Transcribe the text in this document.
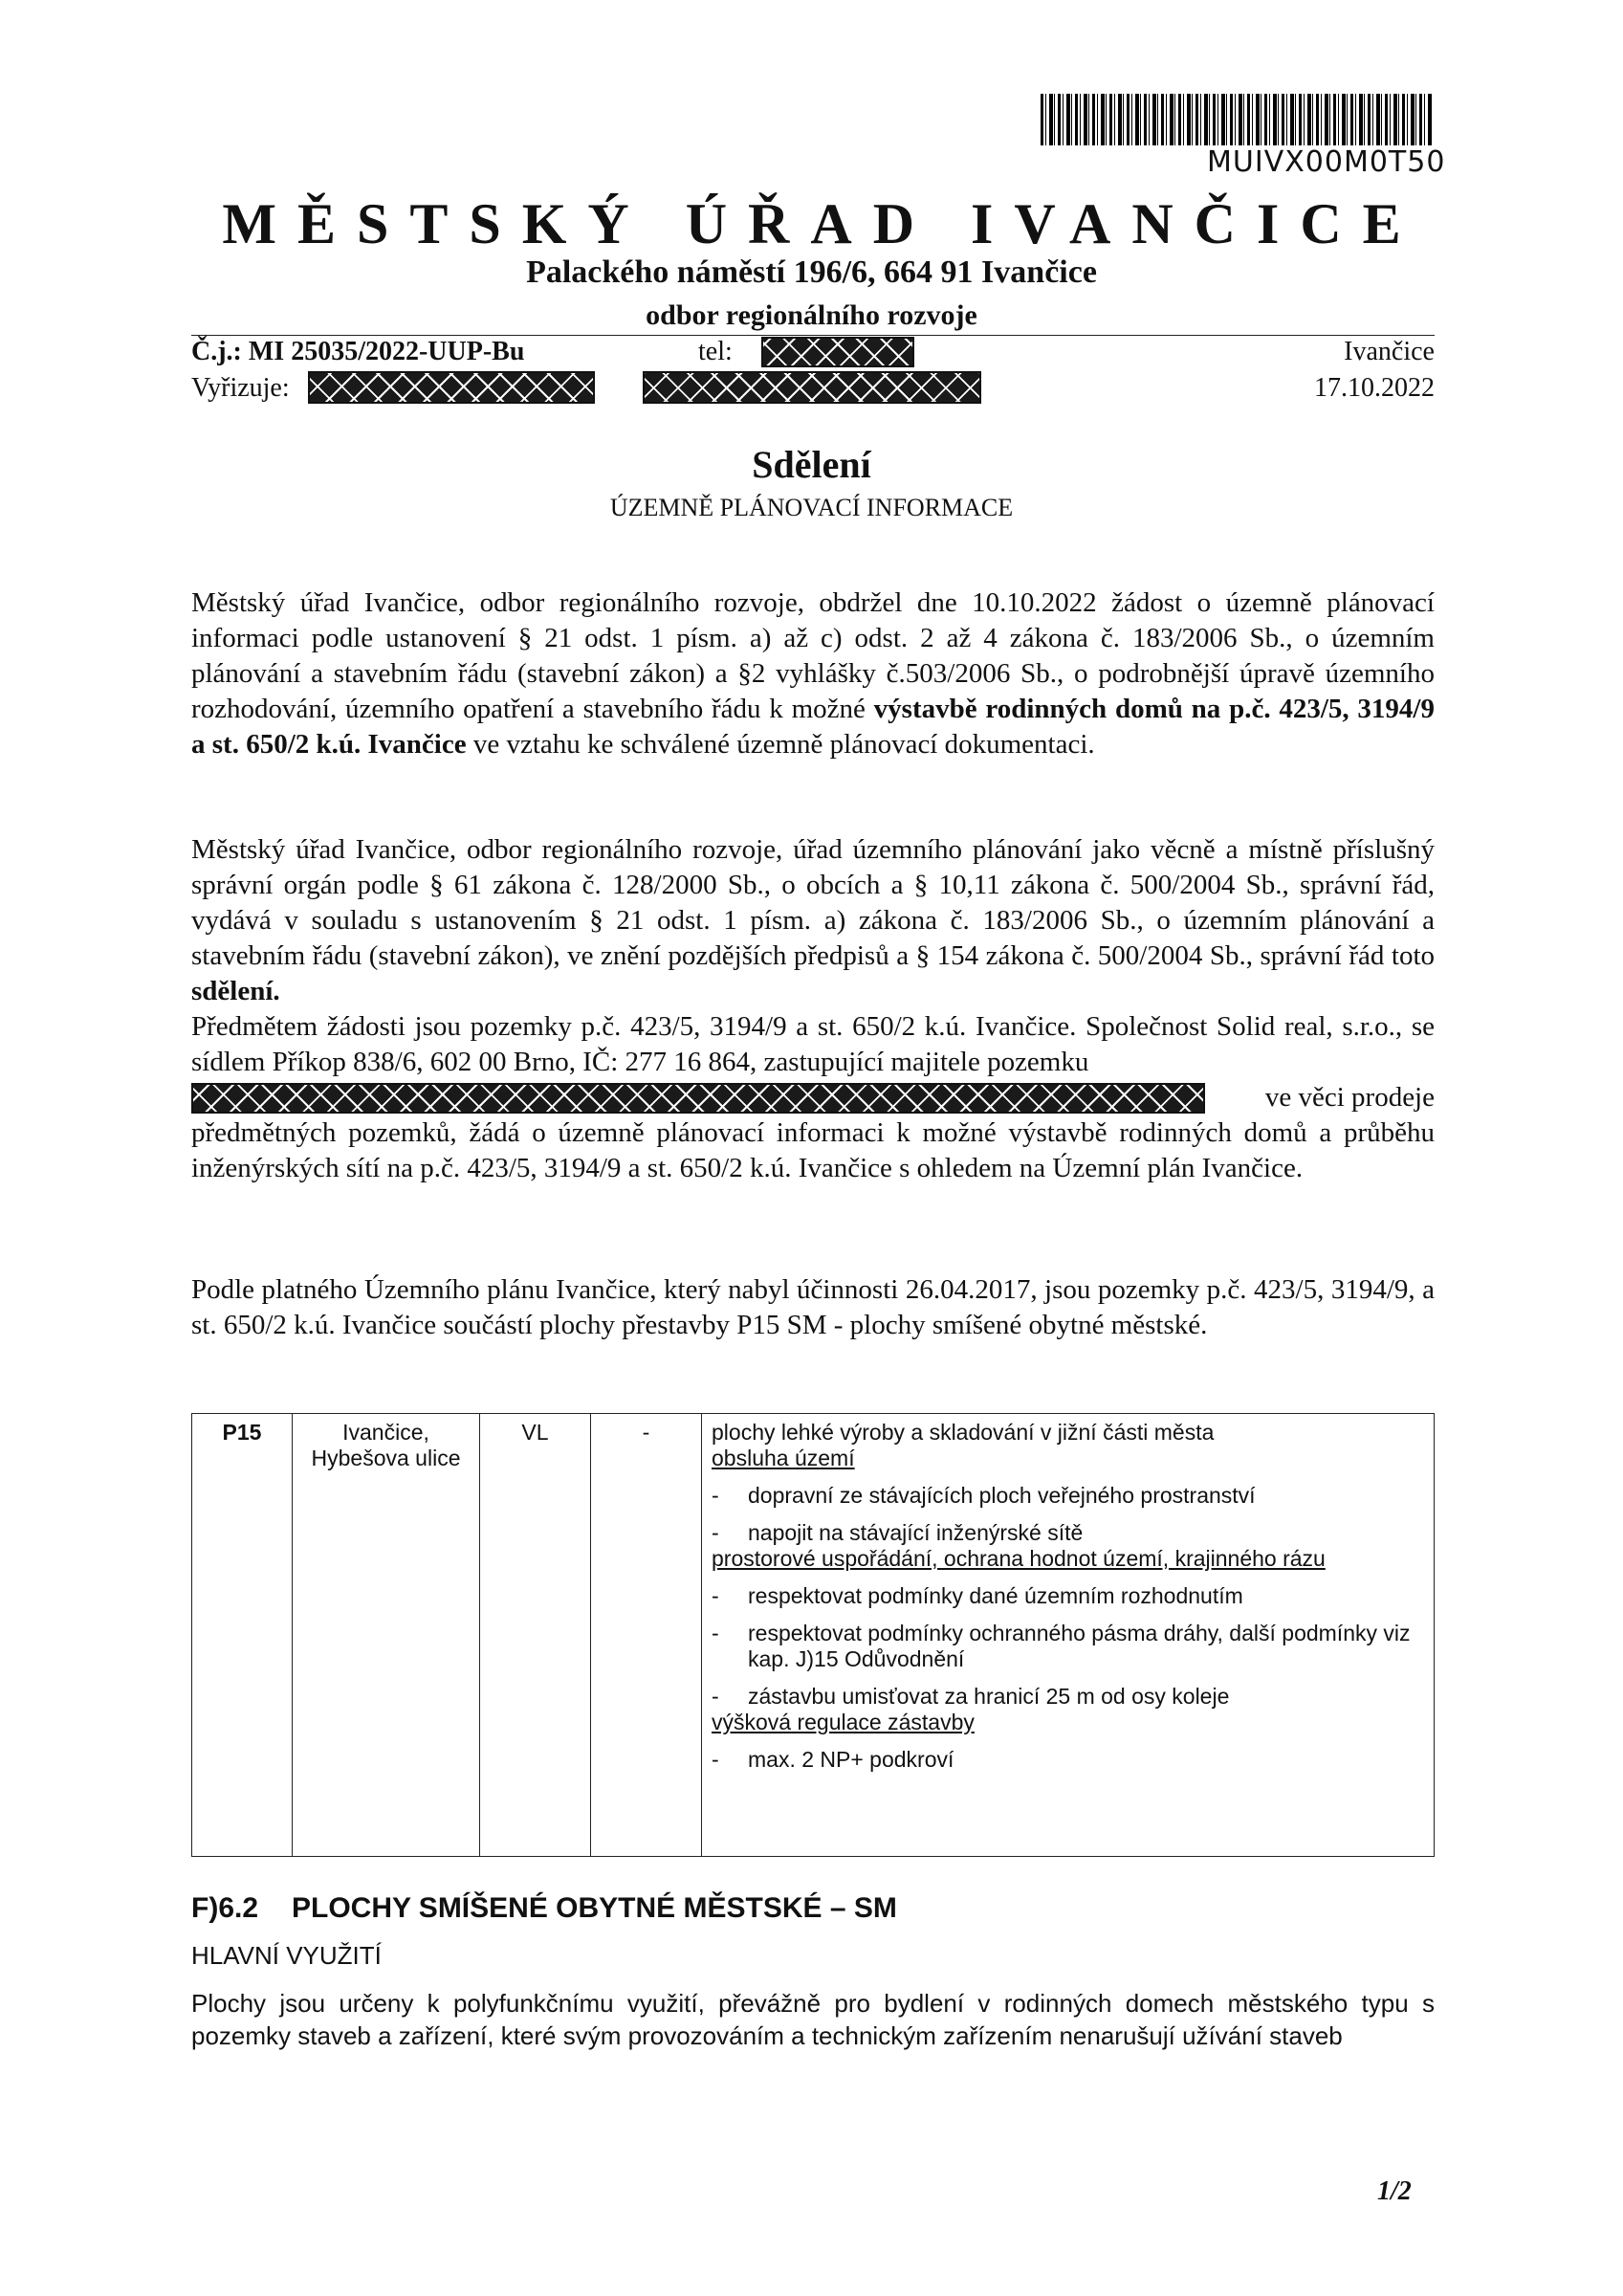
MUIVX00M0T50
MĚSTSKÝ ÚŘAD IVANČICE
Palackého náměstí 196/6, 664 91 Ivančice
odbor regionálního rozvoje
Č.j.: MI 25035/2022-UUP-Bu	tel:
Vyřizuje:
Ivančice
17.10.2022
Sdělení
ÚZEMNĚ PLÁNOVACÍ INFORMACE

Městský úřad Ivančice, odbor regionálního rozvoje, obdržel dne 10.10.2022 žádost o územně plánovací informaci podle ustanovení § 21 odst. 1 písm. a) až c) odst. 2 až 4 zákona č. 183/2006 Sb., o územním plánování a stavebním řádu (stavební zákon) a §2 vyhlášky č.503/2006 Sb., o podrobnější úpravě územního rozhodování, územního opatření a stavebního řádu k možné výstavbě rodinných domů na p.č. 423/5, 3194/9 a st. 650/2 k.ú. Ivančice ve vztahu ke schválené územně plánovací dokumentaci.

Městský úřad Ivančice, odbor regionálního rozvoje, úřad územního plánování jako věcně a místně příslušný správní orgán podle § 61 zákona č. 128/2000 Sb., o obcích a § 10,11 zákona č. 500/2004 Sb., správní řád, vydává v souladu s ustanovením § 21 odst. 1 písm. a) zákona č. 183/2006 Sb., o územním plánování a stavebním řádu (stavební zákon), ve znění pozdějších předpisů a § 154 zákona č. 500/2004 Sb., správní řád toto sdělení.

Předmětem žádosti jsou pozemky p.č. 423/5, 3194/9 a st. 650/2 k.ú. Ivančice. Společnost Solid real, s.r.o., se sídlem Příkop 838/6, 602 00 Brno, IČ: 277 16 864, zastupující majitele pozemku

ve věci prodeje

předmětných pozemků, žádá o územně plánovací informaci k možné výstavbě rodinných domů a průběhu inženýrských sítí na p.č. 423/5, 3194/9 a st. 650/2 k.ú. Ivančice s ohledem na Územní plán Ivančice.

Podle platného Územního plánu Ivančice, který nabyl účinnosti 26.04.2017, jsou pozemky p.č. 423/5, 3194/9, a st. 650/2 k.ú. Ivančice součástí plochy přestavby P15 SM - plochy smíšené obytné městské.

P15	Ivančice, Hybešova ulice	VL	-	plochy lehké výroby a skladování v jižní části města
obsluha území
-	dopravní ze stávajících ploch veřejného prostranství
-	napojit na stávající inženýrské sítě
prostorové uspořádání, ochrana hodnot území, krajinného rázu
-	respektovat podmínky dané územním rozhodnutím
-	respektovat podmínky ochranného pásma dráhy, další podmínky viz kap. J)15 Odůvodnění
-	zástavbu umisťovat za hranicí 25 m od osy koleje
výšková regulace zástavby
-	max. 2 NP+ podkroví
F)6.2 PLOCHY SMÍŠENÉ OBYTNÉ MĚSTSKÉ – SM
HLAVNÍ VYUŽITÍ
Plochy jsou určeny k polyfunkčnímu využití, převážně pro bydlení v rodinných domech městského typu s pozemky staveb a zařízení, které svým provozováním a technickým zařízením nenarušují užívání staveb
1/2
